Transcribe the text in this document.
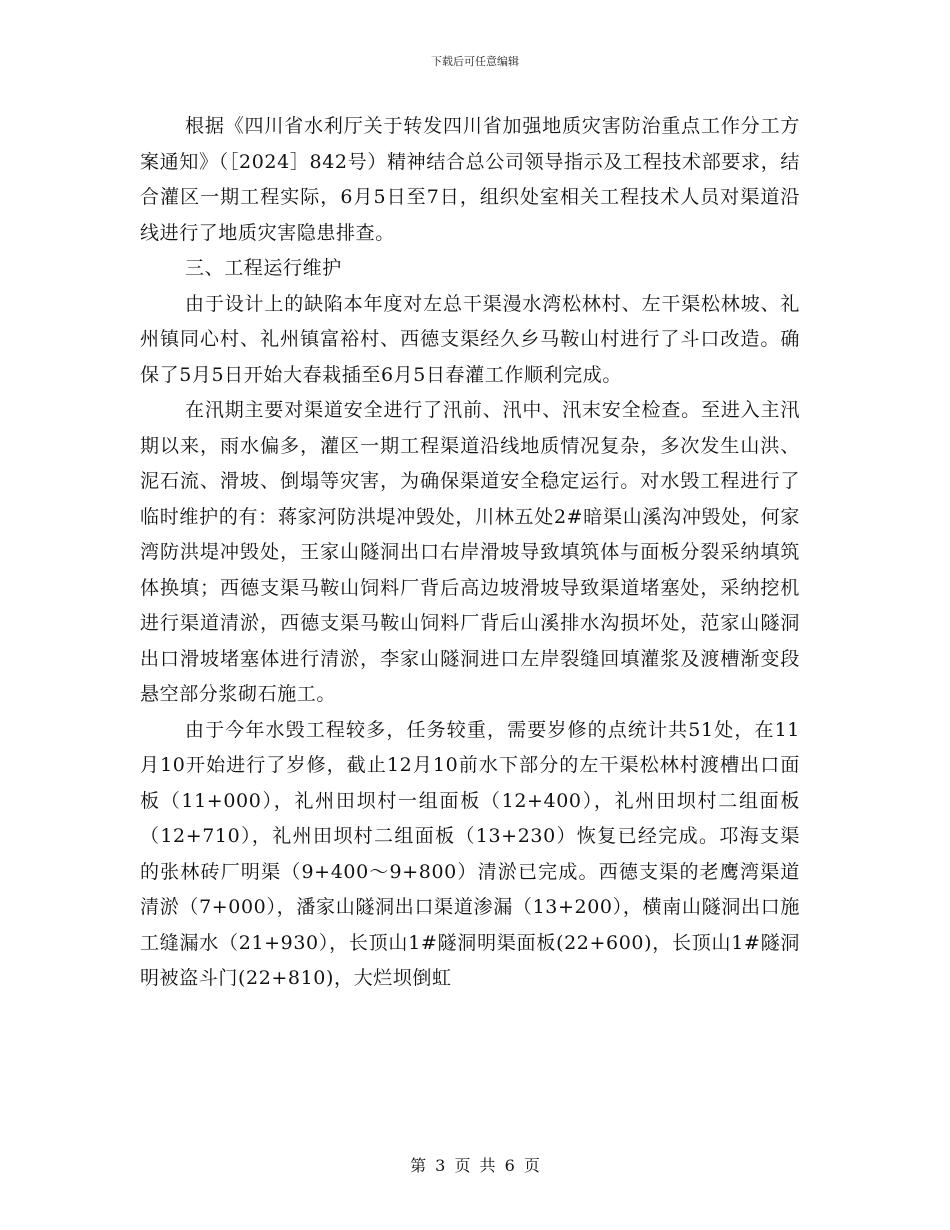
下载后可任意编辑

根据《四川省水利厅关于转发四川省加强地质灾害防治重点工作分工方案通知》（［2024］842号）精神结合总公司领导指示及工程技术部要求，结合灌区一期工程实际，6月5日至7日，组织处室相关工程技术人员对渠道沿线进行了地质灾害隐患排查。

三、工程运行维护

由于设计上的缺陷本年度对左总干渠漫水湾松林村、左干渠松林坡、礼州镇同心村、礼州镇富裕村、西德支渠经久乡马鞍山村进行了斗口改造。确保了5月5日开始大春栽插至6月5日春灌工作顺利完成。

在汛期主要对渠道安全进行了汛前、汛中、汛末安全检查。至进入主汛期以来，雨水偏多，灌区一期工程渠道沿线地质情况复杂，多次发生山洪、泥石流、滑坡、倒塌等灾害，为确保渠道安全稳定运行。对水毁工程进行了临时维护的有：蒋家河防洪堤冲毁处，川林五处2#暗渠山溪沟冲毁处，何家湾防洪堤冲毁处，王家山隧洞出口右岸滑坡导致填筑体与面板分裂采纳填筑体换填；西德支渠马鞍山饲料厂背后高边坡滑坡导致渠道堵塞处，采纳挖机进行渠道清淤，西德支渠马鞍山饲料厂背后山溪排水沟损坏处，范家山隧洞出口滑坡堵塞体进行清淤，李家山隧洞进口左岸裂缝回填灌浆及渡槽渐变段悬空部分浆砌石施工。

由于今年水毁工程较多，任务较重，需要岁修的点统计共51处，在11月10开始进行了岁修，截止12月10前水下部分的左干渠松林村渡槽出口面板（11+000），礼州田坝村一组面板（12+400），礼州田坝村二组面板（12+710），礼州田坝村二组面板（13+230）恢复已经完成。邛海支渠的张林砖厂明渠（9+400～9+800）清淤已完成。西德支渠的老鹰湾渠道清淤（7+000），潘家山隧洞出口渠道渗漏（13+200），横南山隧洞出口施工缝漏水（21+930），长顶山1#隧洞明渠面板(22+600)，长顶山1#隧洞明被盗斗门(22+810)，大烂坝倒虹

第 3 页 共 6 页
